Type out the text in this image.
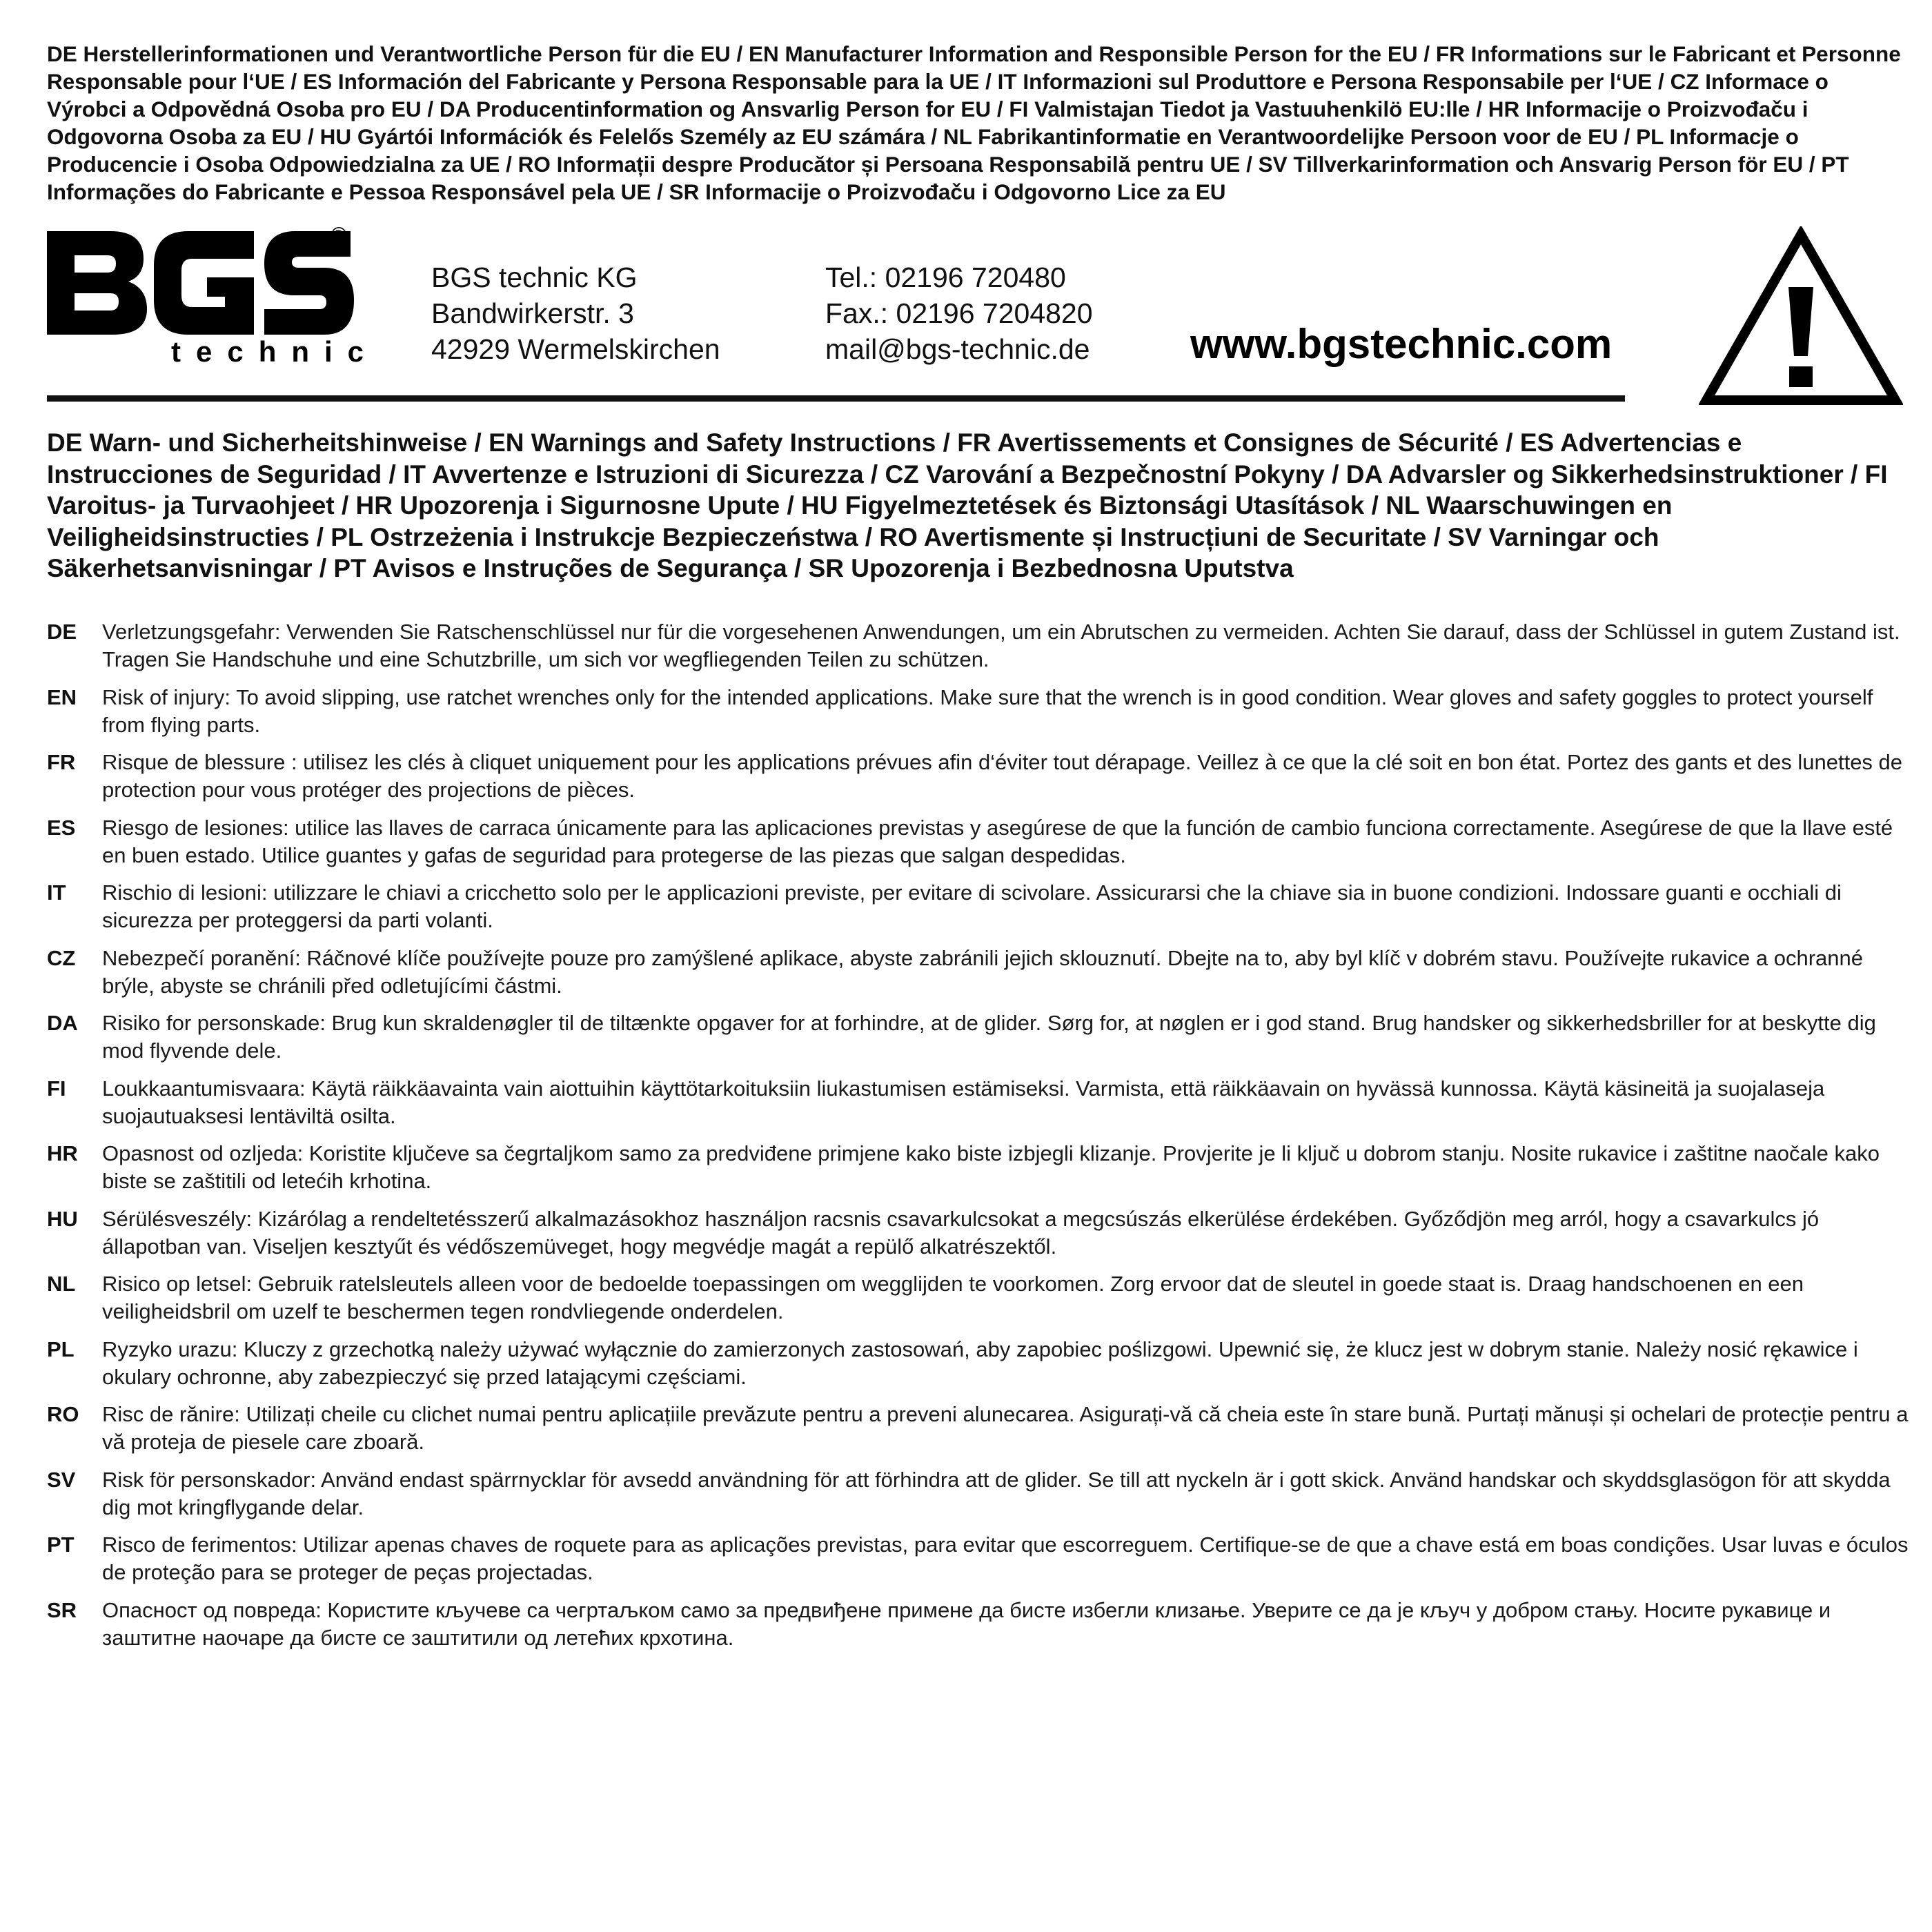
DE Herstellerinformationen und Verantwortliche Person für die EU / EN Manufacturer Information and Responsible Person for the EU / FR Informations sur le Fabricant et Personne Responsable pour l‘UE / ES Información del Fabricante y Persona Responsable para la UE / IT Informazioni sul Produttore e Persona Responsabile per l‘UE / CZ Informace o Výrobci a Odpovědná Osoba pro EU / DA Producentinformation og Ansvarlig Person for EU / FI Valmistajan Tiedot ja Vastuuhenkilö EU:lle / HR Informacije o Proizvođaču i Odgovorna Osoba za EU / HU Gyártói Információk és Felelős Személy az EU számára / NL Fabrikantinformatie en Verantwoordelijke Persoon voor de EU / PL Informacje o Producencie i Osoba Odpowiedzialna za UE / RO Informații despre Producător și Persoana Responsabilă pentru UE / SV Tillverkarinformation och Ansvarig Person för EU / PT Informações do Fabricante e Pessoa Responsável pela UE / SR Informacije o Proizvođaču i Odgovorno Lice za EU
technic
®
BGS technic KG
Bandwirkerstr. 3
42929 Wermelskirchen
Tel.: 02196 720480
Fax.: 02196 7204820
mail@bgs-technic.de www.bgstechnic.com
DE Warn- und Sicherheitshinweise / EN Warnings and Safety Instructions / FR Avertissements et Consignes de Sécurité / ES Advertencias e Instrucciones de Seguridad / IT Avvertenze e Istruzioni di Sicurezza / CZ Varování a Bezpečnostní Pokyny / DA Advarsler og Sikkerhedsinstruktioner / FI Varoitus- ja Turvaohjeet / HR Upozorenja i Sigurnosne Upute / HU Figyelmeztetések és Biztonsági Utasítások / NL Waarschuwingen en Veiligheidsinstructies / PL Ostrzeżenia i Instrukcje Bezpieczeństwa / RO Avertismente și Instrucțiuni de Securitate / SV Varningar och Säkerhetsanvisningar / PT Avisos e Instruções de Segurança / SR Upozorenja i Bezbednosna Uputstva
DE	Verletzungsgefahr: Verwenden Sie Ratschenschlüssel nur für die vorgesehenen Anwendungen, um ein Abrutschen zu vermeiden. Achten Sie darauf, dass der Schlüssel in gutem Zustand ist. Tragen Sie Handschuhe und eine Schutzbrille, um sich vor wegfliegenden Teilen zu schützen.
EN	Risk of injury: To avoid slipping, use ratchet wrenches only for the intended applications. Make sure that the wrench is in good condition. Wear gloves and safety goggles to protect yourself from flying parts.
FR	Risque de blessure : utilisez les clés à cliquet uniquement pour les applications prévues afin d‘éviter tout dérapage. Veillez à ce que la clé soit en bon état. Portez des gants et des lunettes de protection pour vous protéger des projections de pièces.
ES	Riesgo de lesiones: utilice las llaves de carraca únicamente para las aplicaciones previstas y asegúrese de que la función de cambio funciona correctamente. Asegúrese de que la llave esté en buen estado. Utilice guantes y gafas de seguridad para protegerse de las piezas que salgan despedidas.
IT	Rischio di lesioni: utilizzare le chiavi a cricchetto solo per le applicazioni previste, per evitare di scivolare. Assicurarsi che la chiave sia in buone condizioni. Indossare guanti e occhiali di sicurezza per proteggersi da parti volanti.
CZ	Nebezpečí poranění: Ráčnové klíče používejte pouze pro zamýšlené aplikace, abyste zabránili jejich sklouznutí. Dbejte na to, aby byl klíč v dobrém stavu. Používejte rukavice a ochranné brýle, abyste se chránili před odletujícími částmi.
DA	Risiko for personskade: Brug kun skraldenøgler til de tiltænkte opgaver for at forhindre, at de glider. Sørg for, at nøglen er i god stand. Brug handsker og sikkerhedsbriller for at beskytte dig mod flyvende dele.
FI	Loukkaantumisvaara: Käytä räikkäavainta vain aiottuihin käyttötarkoituksiin liukastumisen estämiseksi. Varmista, että räikkäavain on hyvässä kunnossa. Käytä käsineitä ja suojalaseja suojautuaksesi lentäviltä osilta.
HR	Opasnost od ozljeda: Koristite ključeve sa čegrtaljkom samo za predviđene primjene kako biste izbjegli klizanje. Provjerite je li ključ u dobrom stanju. Nosite rukavice i zaštitne naočale kako biste se zaštitili od letećih krhotina.
HU	Sérülésveszély: Kizárólag a rendeltetésszerű alkalmazásokhoz használjon racsnis csavarkulcsokat a megcsúszás elkerülése érdekében. Győződjön meg arról, hogy a csavarkulcs jó állapotban van. Viseljen kesztyűt és védőszemüveget, hogy megvédje magát a repülő alkatrészektől.
NL	Risico op letsel: Gebruik ratelsleutels alleen voor de bedoelde toepassingen om wegglijden te voorkomen. Zorg ervoor dat de sleutel in goede staat is. Draag handschoenen en een veiligheidsbril om uzelf te beschermen tegen rondvliegende onderdelen.
PL	Ryzyko urazu: Kluczy z grzechotką należy używać wyłącznie do zamierzonych zastosowań, aby zapobiec poślizgowi. Upewnić się, że klucz jest w dobrym stanie. Należy nosić rękawice i okulary ochronne, aby zabezpieczyć się przed latającymi częściami.
RO	Risc de rănire: Utilizați cheile cu clichet numai pentru aplicațiile prevăzute pentru a preveni alunecarea. Asigurați-vă că cheia este în stare bună. Purtați mănuși și ochelari de protecție pentru a vă proteja de piesele care zboară.
SV	Risk för personskador: Använd endast spärrnycklar för avsedd användning för att förhindra att de glider. Se till att nyckeln är i gott skick. Använd handskar och skyddsglasögon för att skydda dig mot kringflygande delar.
PT	Risco de ferimentos: Utilizar apenas chaves de roquete para as aplicações previstas, para evitar que escorreguem. Certifique-se de que a chave está em boas condições. Usar luvas e óculos de proteção para se proteger de peças projectadas.
SR	Опасност од повреда: Користите кључеве са чегртаљком само за предвиђене примене да бисте избегли клизање. Уверите се да је кључ у добром стању. Носите рукавице и заштитне наочаре да бисте се заштитили од летећих крхотина.
